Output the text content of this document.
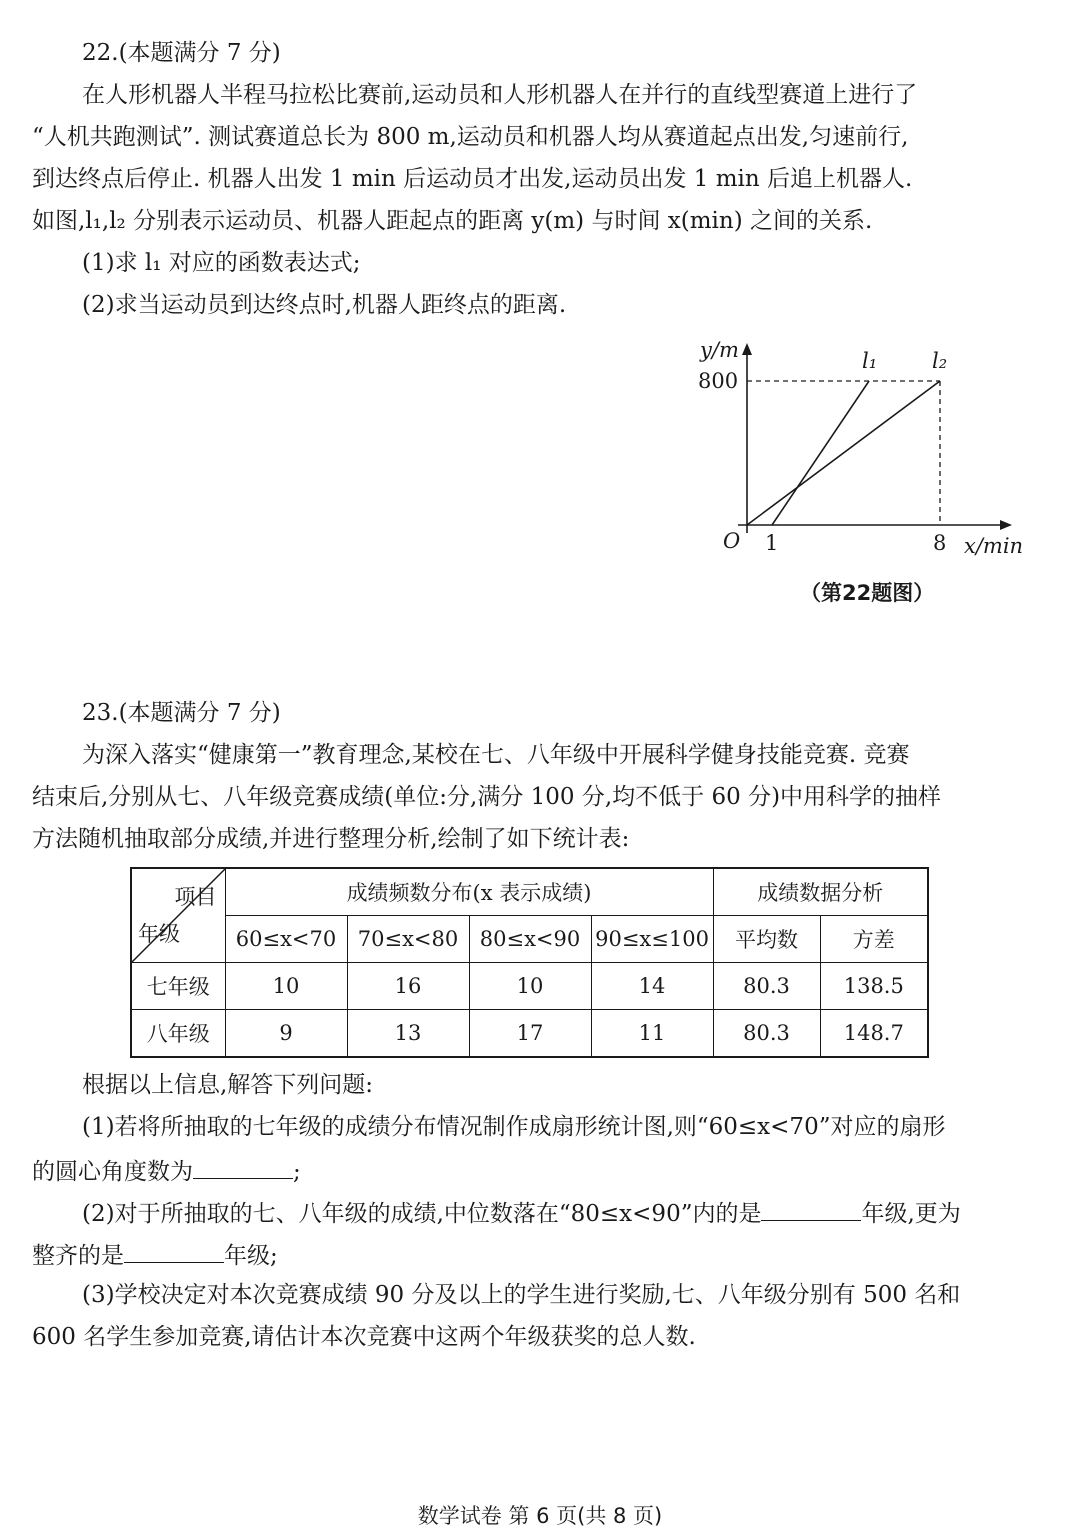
22.(本题满分 7 分)
在人形机器人半程马拉松比赛前,运动员和人形机器人在并行的直线型赛道上进行了
“人机共跑测试”. 测试赛道总长为 800 m,运动员和机器人均从赛道起点出发,匀速前行,
到达终点后停止. 机器人出发 1 min 后运动员才出发,运动员出发 1 min 后追上机器人.
如图,l₁,l₂ 分别表示运动员、机器人距起点的距离 y(m) 与时间 x(min) 之间的关系.
(1)求 l₁ 对应的函数表达式;
(2)求当运动员到达终点时,机器人距终点的距离.
y/m
800
O 1	8 x/min
l₁	l₂
（第22题图）
23.(本题满分 7 分)
为深入落实“健康第一”教育理念,某校在七、八年级中开展科学健身技能竞赛. 竞赛
结束后,分别从七、八年级竞赛成绩(单位:分,满分 100 分,均不低于 60 分)中用科学的抽样
方法随机抽取部分成绩,并进行整理分析,绘制了如下统计表:
项目
年级	成绩频数分布(x 表示成绩)				成绩数据分析	
	60≤x<70	70≤x<80	80≤x<90	90≤x≤100	平均数	方差
七年级	10	16	10	14	80.3	138.5
八年级	9	13	17	11	80.3	148.7
根据以上信息,解答下列问题:
(1)若将所抽取的七年级的成绩分布情况制作成扇形统计图,则“60≤x<70”对应的扇形
的圆心角度数为	;
(2)对于所抽取的七、八年级的成绩,中位数落在“80≤x<90”内的是	年级,更为
整齐的是	年级;
(3)学校决定对本次竞赛成绩 90 分及以上的学生进行奖励,七、八年级分别有 500 名和
600 名学生参加竞赛,请估计本次竞赛中这两个年级获奖的总人数.
数学试卷 第 6 页(共 8 页)
